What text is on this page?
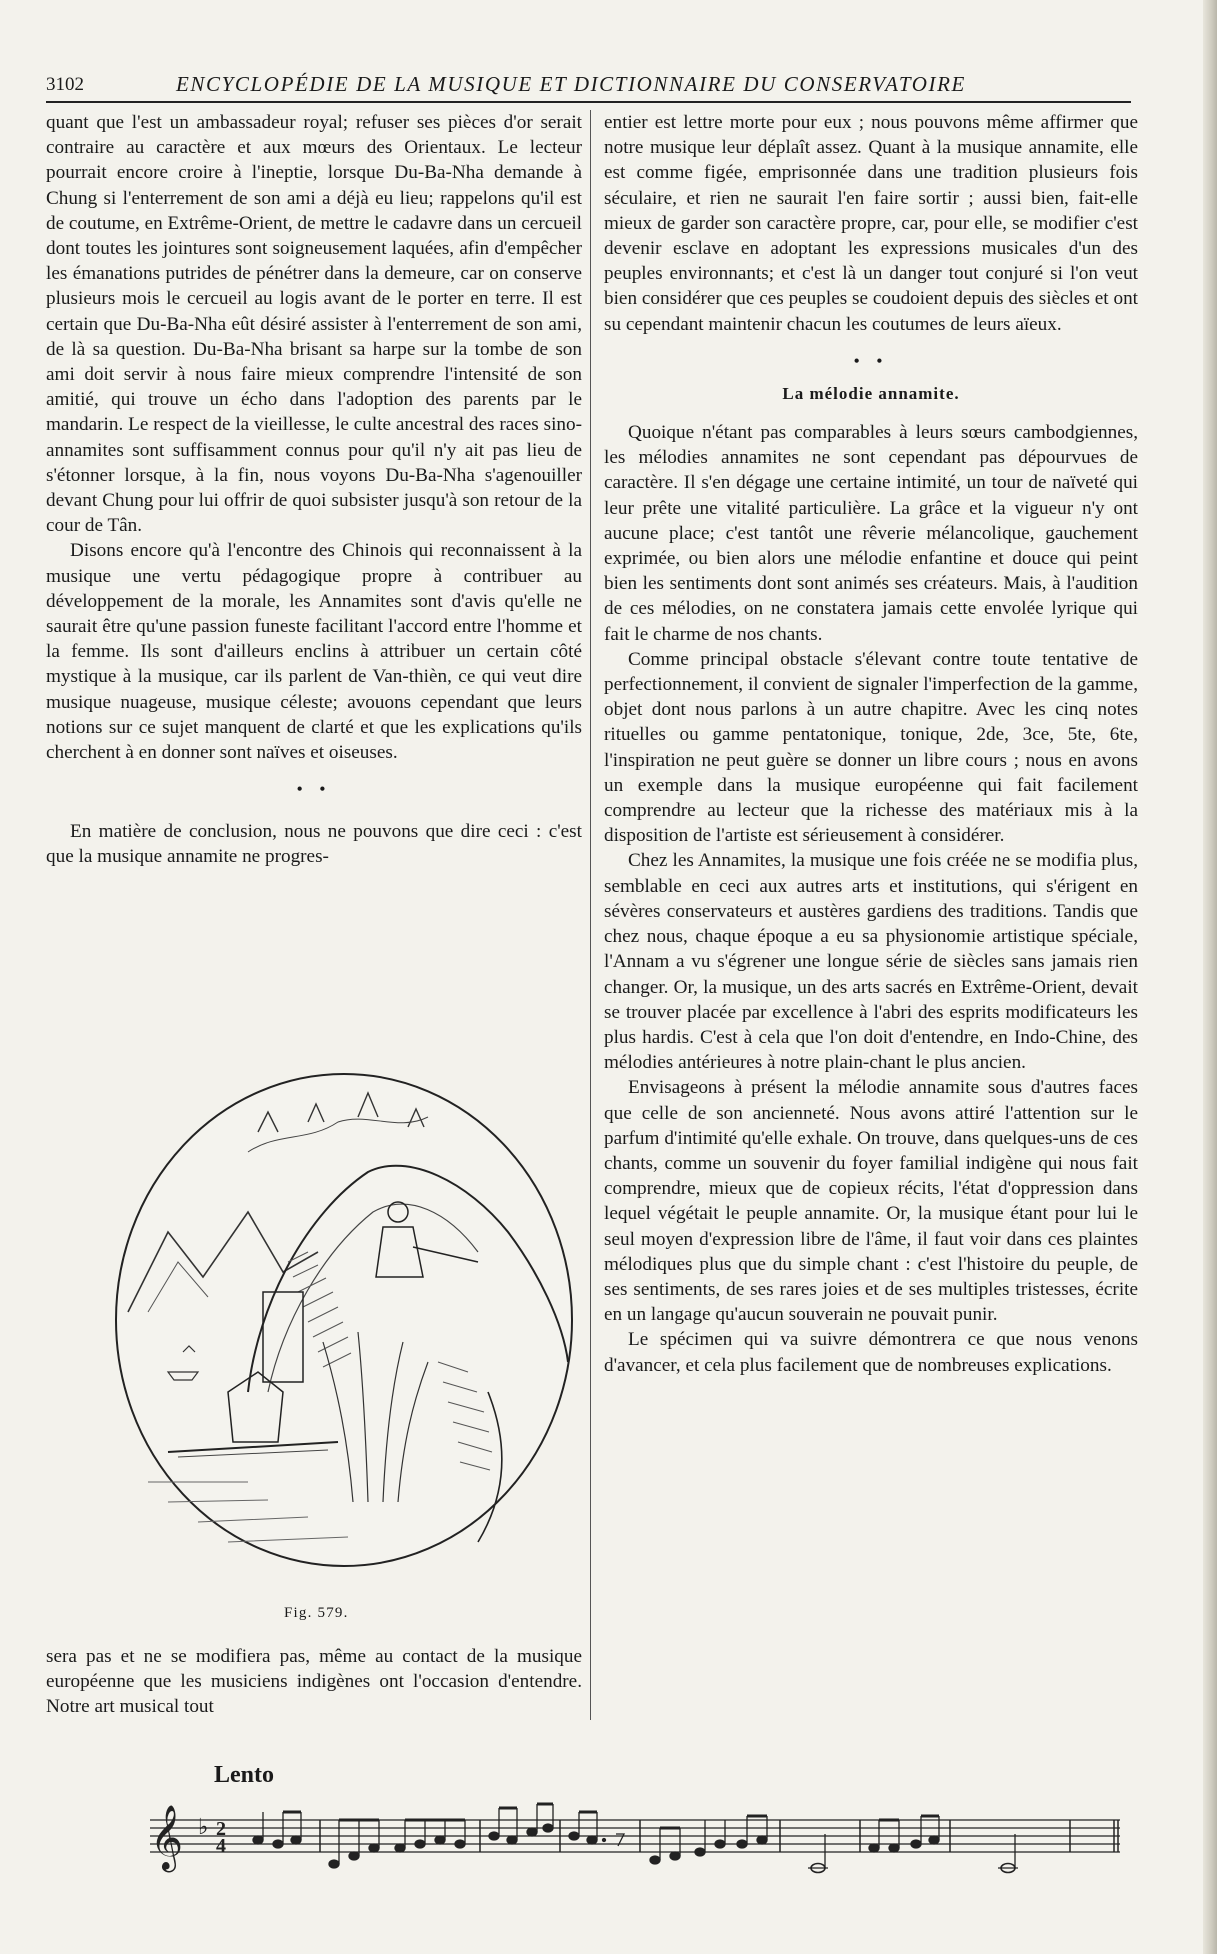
3102	ENCYCLOPÉDIE DE LA MUSIQUE ET DICTIONNAIRE DU CONSERVATOIRE

quant que l'est un ambassadeur royal; refuser ses pièces d'or serait contraire au caractère et aux mœurs des Orientaux. Le lecteur pourrait encore croire à l'ineptie, lorsque Du-Ba-Nha demande à Chung si l'enterrement de son ami a déjà eu lieu; rappelons qu'il est de coutume, en Extrême-Orient, de mettre le cadavre dans un cercueil dont toutes les jointures sont soigneusement laquées, afin d'empêcher les émanations putrides de pénétrer dans la demeure, car on conserve plusieurs mois le cercueil au logis avant de le porter en terre. Il est certain que Du-Ba-Nha eût désiré assister à l'enterrement de son ami, de là sa question. Du-Ba-Nha brisant sa harpe sur la tombe de son ami doit servir à nous faire mieux comprendre l'intensité de son amitié, qui trouve un écho dans l'adoption des parents par le mandarin. Le respect de la vieillesse, le culte ancestral des races sino-annamites sont suffisamment connus pour qu'il n'y ait pas lieu de s'étonner lorsque, à la fin, nous voyons Du-Ba-Nha s'agenouiller devant Chung pour lui offrir de quoi subsister jusqu'à son retour de la cour de Tân.

Disons encore qu'à l'encontre des Chinois qui reconnaissent à la musique une vertu pédagogique propre à contribuer au développement de la morale, les Annamites sont d'avis qu'elle ne saurait être qu'une passion funeste facilitant l'accord entre l'homme et la femme. Ils sont d'ailleurs enclins à attribuer un certain côté mystique à la musique, car ils parlent de Van-thièn, ce qui veut dire musique nuageuse, musique céleste; avouons cependant que leurs notions sur ce sujet manquent de clarté et que les explications qu'ils cherchent à en donner sont naïves et oiseuses.

• •

En matière de conclusion, nous ne pouvons que dire ceci : c'est que la musique annamite ne progres-

Fig. 579.

sera pas et ne se modifiera pas, même au contact de la musique européenne que les musiciens indigènes ont l'occasion d'entendre. Notre art musical tout

entier est lettre morte pour eux ; nous pouvons même affirmer que notre musique leur déplaît assez. Quant à la musique annamite, elle est comme figée, emprisonnée dans une tradition plusieurs fois séculaire, et rien ne saurait l'en faire sortir ; aussi bien, fait-elle mieux de garder son caractère propre, car, pour elle, se modifier c'est devenir esclave en adoptant les expressions musicales d'un des peuples environnants; et c'est là un danger tout conjuré si l'on veut bien considérer que ces peuples se coudoient depuis des siècles et ont su cependant maintenir chacun les coutumes de leurs aïeux.

• •
La mélodie annamite.

Quoique n'étant pas comparables à leurs sœurs cambodgiennes, les mélodies annamites ne sont cependant pas dépourvues de caractère. Il s'en dégage une certaine intimité, un tour de naïveté qui leur prête une vitalité particulière. La grâce et la vigueur n'y ont aucune place; c'est tantôt une rêverie mélancolique, gauchement exprimée, ou bien alors une mélodie enfantine et douce qui peint bien les sentiments dont sont animés ses créateurs. Mais, à l'audition de ces mélodies, on ne constatera jamais cette envolée lyrique qui fait le charme de nos chants.

Comme principal obstacle s'élevant contre toute tentative de perfectionnement, il convient de signaler l'imperfection de la gamme, objet dont nous parlons à un autre chapitre. Avec les cinq notes rituelles ou gamme pentatonique, tonique, 2de, 3ce, 5te, 6te, l'inspiration ne peut guère se donner un libre cours ; nous en avons un exemple dans la musique européenne qui fait facilement comprendre au lecteur que la richesse des matériaux mis à la disposition de l'artiste est sérieusement à considérer.

Chez les Annamites, la musique une fois créée ne se modifia plus, semblable en ceci aux autres arts et institutions, qui s'érigent en sévères conservateurs et austères gardiens des traditions. Tandis que chez nous, chaque époque a eu sa physionomie artistique spéciale, l'Annam a vu s'égrener une longue série de siècles sans jamais rien changer. Or, la musique, un des arts sacrés en Extrême-Orient, devait se trouver placée par excellence à l'abri des esprits modificateurs les plus hardis. C'est à cela que l'on doit d'entendre, en Indo-Chine, des mélodies antérieures à notre plain-chant le plus ancien.

Envisageons à présent la mélodie annamite sous d'autres faces que celle de son ancienneté. Nous avons attiré l'attention sur le parfum d'intimité qu'elle exhale. On trouve, dans quelques-uns de ces chants, comme un souvenir du foyer familial indigène qui nous fait comprendre, mieux que de copieux récits, l'état d'oppression dans lequel végétait le peuple annamite. Or, la musique étant pour lui le seul moyen d'expression libre de l'âme, il faut voir dans ces plaintes mélodiques plus que du simple chant : c'est l'histoire du peuple, de ses sentiments, de ses rares joies et de ses multiples tristesses, écrite en un langage qu'aucun souverain ne pouvait punir.

Le spécimen qui va suivre démontrera ce que nous venons d'avancer, et cela plus facilement que de nombreuses explications.

Lento
𝄞 ♭ 2
4
